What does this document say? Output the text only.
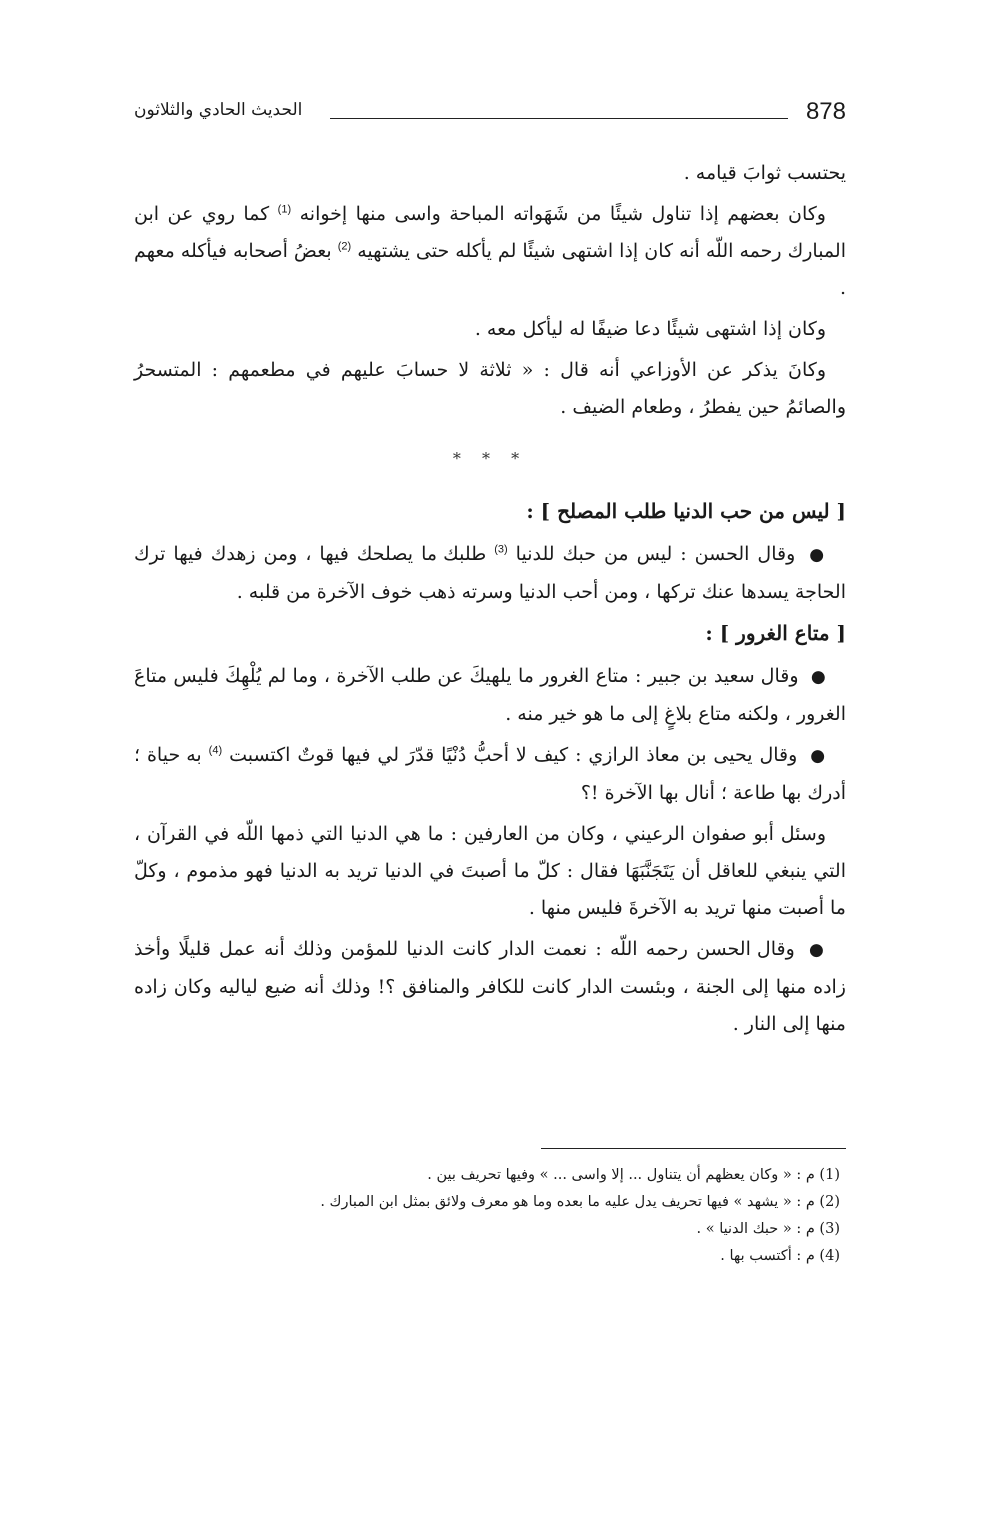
878
الحديث الحادي والثلاثون

يحتسب ثوابَ قيامه .

وكان بعضهم إذا تناول شيئًا من شَهَواته المباحة واسى منها إخوانه $^{(1)}$ كما روي عن ابن المبارك رحمه اللّه أنه كان إذا اشتهى شيئًا لم يأكله حتى يشتهيه $^{(2)}$ بعضُ أصحابه فيأكله معهم .

وكان إذا اشتهى شيئًا دعا ضيفًا له ليأكل معه .

وكانَ يذكر عن الأوزاعي أنه قال : « ثلاثة لا حسابَ عليهم في مطعمهم : المتسحرُ والصائمُ حين يفطرُ ، وطعام الضيف .

* * *

[ ليس من حب الدنيا طلب المصلح ] :

● وقال الحسن : ليس من حبك للدنيا $^{(3)}$ طلبك ما يصلحك فيها ، ومن زهدك فيها ترك الحاجة يسدها عنك تركها ، ومن أحب الدنيا وسرته ذهب خوف الآخرة من قلبه .

[ متاع الغرور ] :

● وقال سعيد بن جبير : متاع الغرور ما يلهيكَ عن طلب الآخرة ، وما لم يُلْهِكَ فليس متاعَ الغرور ، ولكنه متاع بلاغٍ إلى ما هو خير منه .

● وقال يحيى بن معاذ الرازي : كيف لا أحبُّ دُنْيًا قدّرَ لي فيها قوتٌ اكتسبت $^{(4)}$ به حياة ؛ أدرك بها طاعة ؛ أنال بها الآخرة !؟

وسئل أبو صفوان الرعيني ، وكان من العارفين : ما هي الدنيا التي ذمها اللّه في القرآن ، التي ينبغي للعاقل أن يَتَجَنَّبَهَا فقال : كلّ ما أصبتَ في الدنيا تريد به الدنيا فهو مذموم ، وكلّ ما أصبت منها تريد به الآخرةَ فليس منها .

● وقال الحسن رحمه اللّه : نعمت الدار كانت الدنيا للمؤمن وذلك أنه عمل قليلًا وأخذ زاده منها إلى الجنة ، وبئست الدار كانت للكافر والمنافق ؟! وذلك أنه ضيع لياليه وكان زاده منها إلى النار .

(1) م : « وكان يعظهم أن يتناول ... إلا واسى ... » وفيها تحريف بين .

(2) م : « يشهد » فيها تحريف يدل عليه ما بعده وما هو معرف ولائق بمثل ابن المبارك .

(3) م : « حبك الدنيا » .

(4) م : أكتسب بها .
